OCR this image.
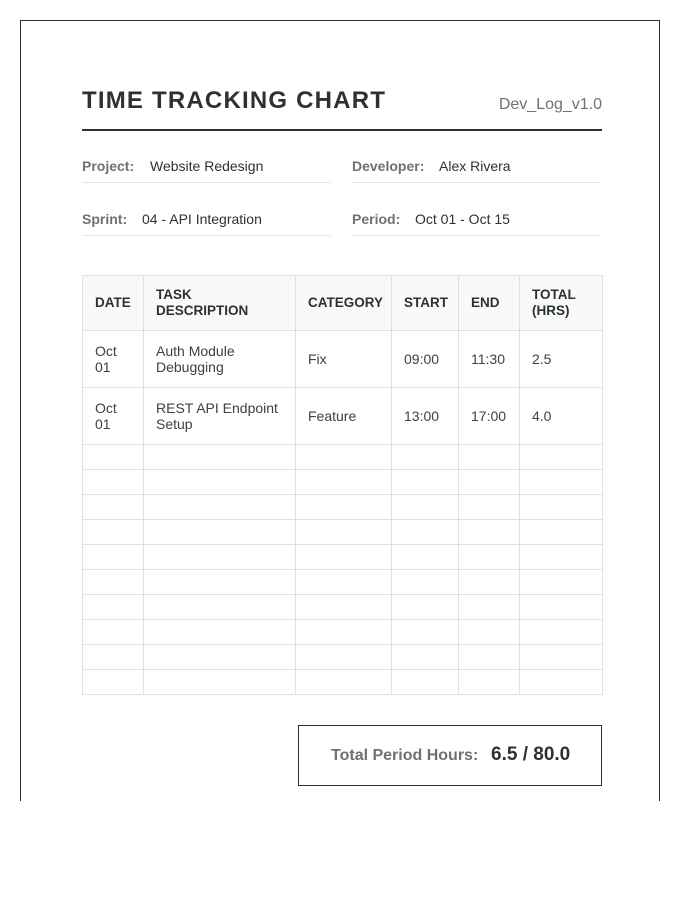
TIME TRACKING CHART	Dev_Log_v1.0
Project: Website Redesign	Developer: Alex Rivera
Sprint: 04 - API Integration	Period: Oct 01 - Oct 15
DATE	TASK DESCRIPTION	CATEGORY	START	END	TOTAL (HRS)
Oct 01	Auth Module Debugging	Fix	09:00	11:30	2.5
Oct 01	REST API Endpoint Setup	Feature	13:00	17:00	4.0

Total Period Hours: 6.5 / 80.0
